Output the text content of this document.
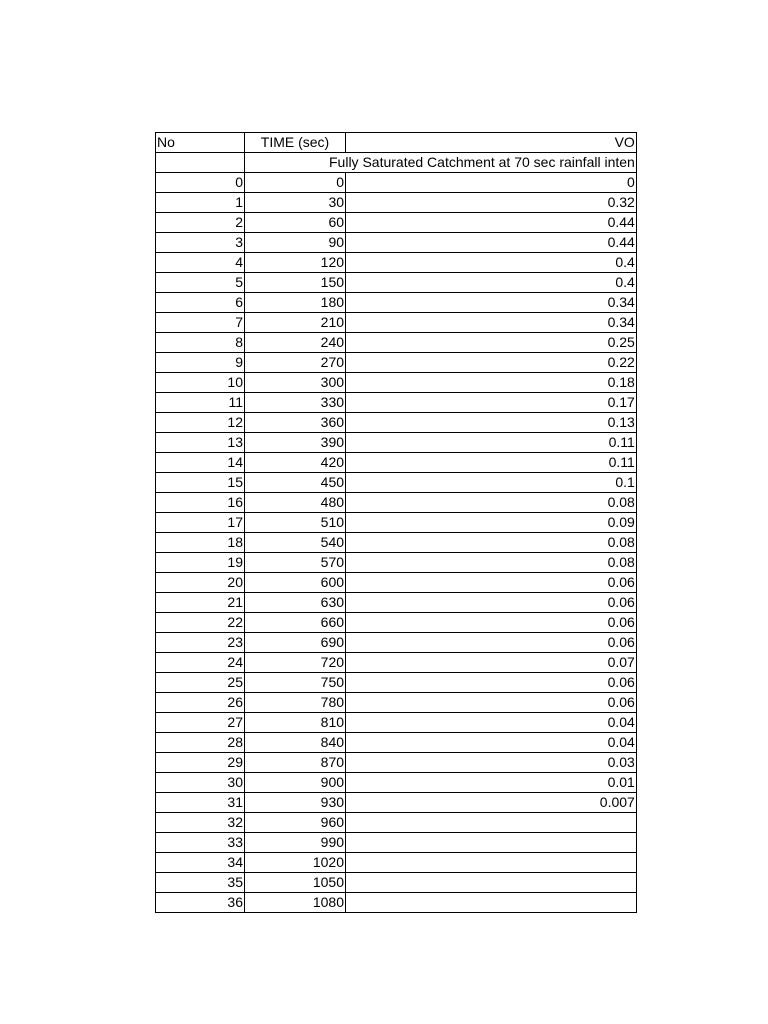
No	TIME (sec)	VO

	Fully Saturated Catchment at 70 sec rainfall inten	

0	0	0
1	30	0.32
2	60	0.44
3	90	0.44
4	120	0.4
5	150	0.4
6	180	0.34
7	210	0.34
8	240	0.25
9	270	0.22
10	300	0.18
11	330	0.17
12	360	0.13
13	390	0.11
14	420	0.11
15	450	0.1
16	480	0.08
17	510	0.09
18	540	0.08
19	570	0.08
20	600	0.06
21	630	0.06
22	660	0.06
23	690	0.06
24	720	0.07
25	750	0.06
26	780	0.06
27	810	0.04
28	840	0.04
29	870	0.03
30	900	0.01
31	930	0.007
32	960	
33	990	
34	1020	
35	1050	
36	1080	
